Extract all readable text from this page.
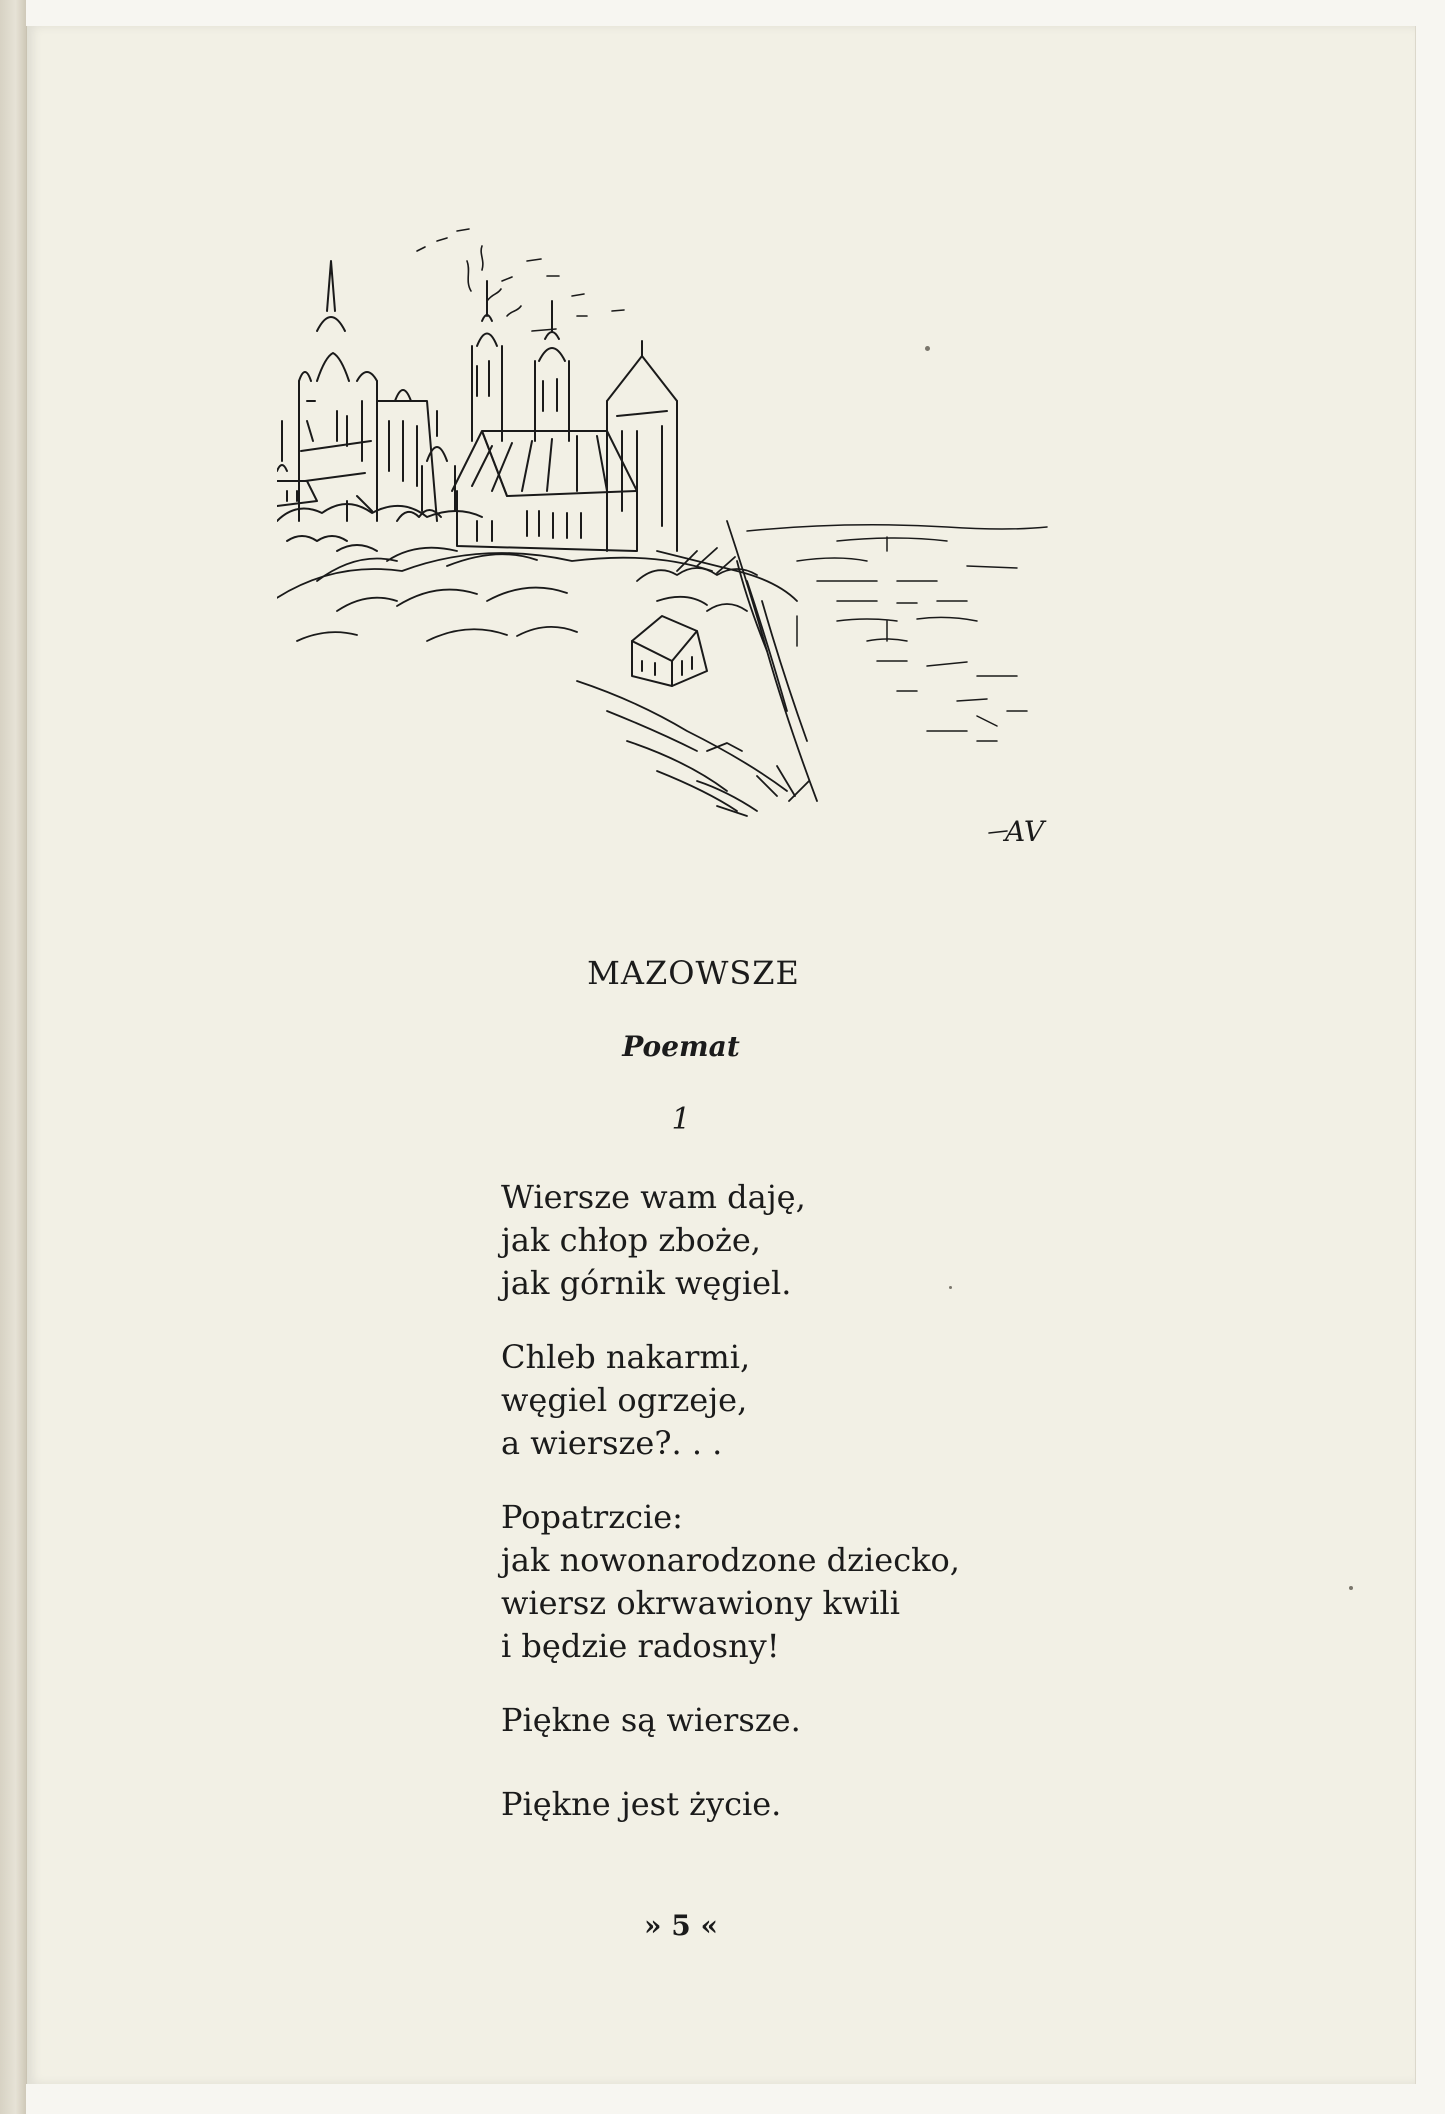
AV
MAZOWSZE
Poemat
1
Wiersze wam daję,
jak chłop zboże,
jak górnik węgiel.
Chleb nakarmi,
węgiel ogrzeje,
a wiersze?. . .
Popatrzcie:
jak nowonarodzone dziecko,
wiersz okrwawiony kwili
i będzie radosny!
Piękne są wiersze.
Piękne jest życie.
» 5 «
